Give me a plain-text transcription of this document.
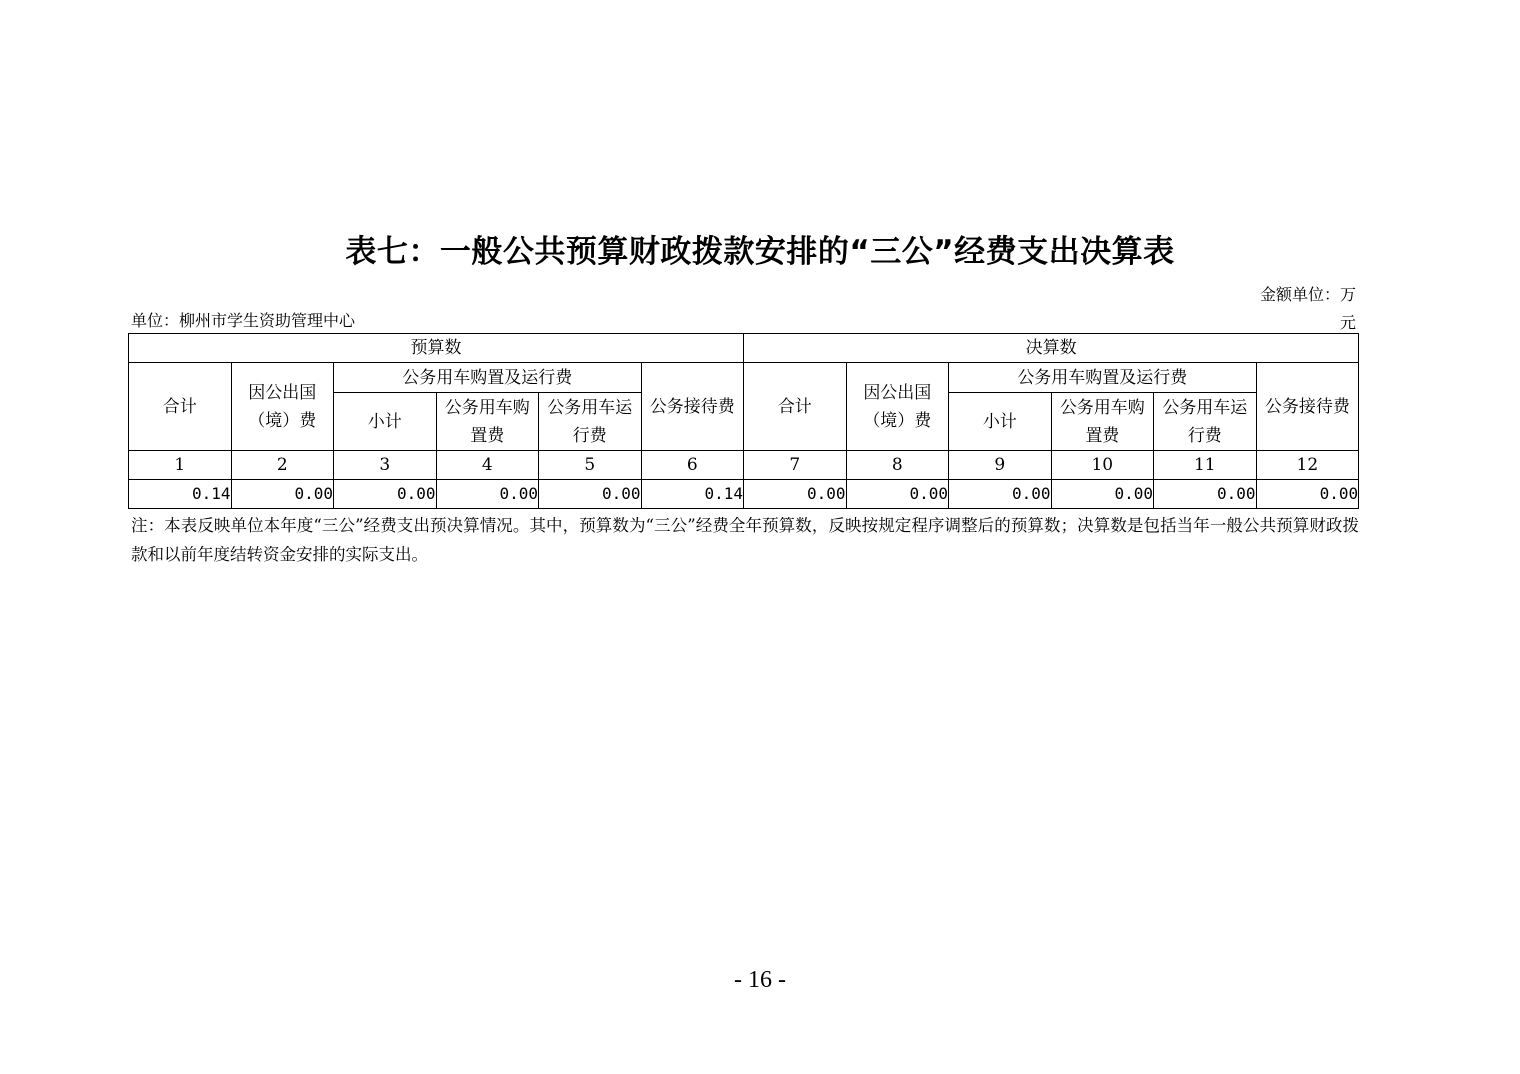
表七：一般公共预算财政拨款安排的“三公”经费支出决算表
金额单位：万
元
单位：柳州市学生资助管理中心
预算数						决算数					
合计	因公出国（境）费	公务用车购置及运行费			公务接待费	合计	因公出国（境）费	公务用车购置及运行费			公务接待费
		小计	公务用车购置费	公务用车运行费				小计	公务用车购置费	公务用车运行费	
1	2	3	4	5	6	7	8	9	10	11	12
0.14	0.00	0.00	0.00	0.00	0.14	0.00	0.00	0.00	0.00	0.00	0.00
注：本表反映单位本年度“三公”经费支出预决算情况。其中，预算数为“三公”经费全年预算数，反映按规定程序调整后的预算数；决算数是包括当年一般公共预算财政拨款和以前年度结转资金安排的实际支出。
- 16 -
